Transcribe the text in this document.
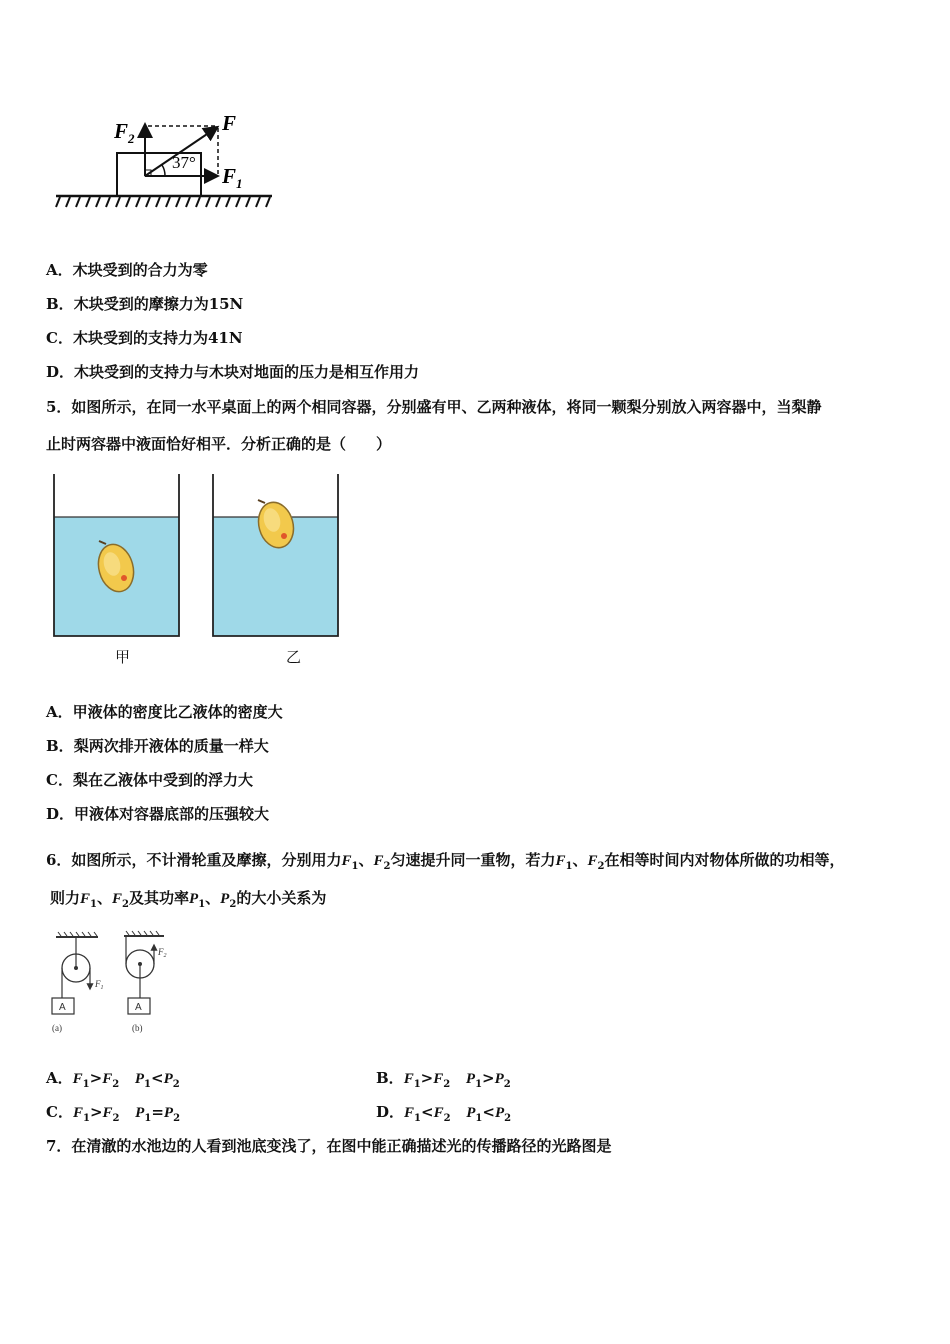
$F_2$
F
$F_1$
37°
A．木块受到的合力为零
B．木块受到的摩擦力为15N
C．木块受到的支持力为41N
D．木块受到的支持力与木块对地面的压力是相互作用力
5．如图所示，在同一水平桌面上的两个相同容器，分别盛有甲、乙两种液体，将同一颗梨分别放入两容器中，当梨静
止时两容器中液面恰好相平．分析正确的是（　　）
甲	乙
A．甲液体的密度比乙液体的密度大
B．梨两次排开液体的质量一样大
C．梨在乙液体中受到的浮力大
D．甲液体对容器底部的压强较大
6．如图所示，不计滑轮重及摩擦，分别用力$F_1$、$F_2$匀速提升同一重物，若力$F_1$、$F_2$在相等时间内对物体所做的功相等，
则力$F_1$、$F_2$及其功率$P_1$、$P_2$的大小关系为
$F_1$
A
(a)
$F_2$
A
(b)
A．$F_1>F_2$ $P_1<P_2$	B．$F_1>F_2$ $P_1>P_2$
C．$F_1>F_2$ $P_1=P_2$	D．$F_1<F_2$ $P_1<P_2$
7．在清澈的水池边的人看到池底变浅了，在图中能正确描述光的传播路径的光路图是
